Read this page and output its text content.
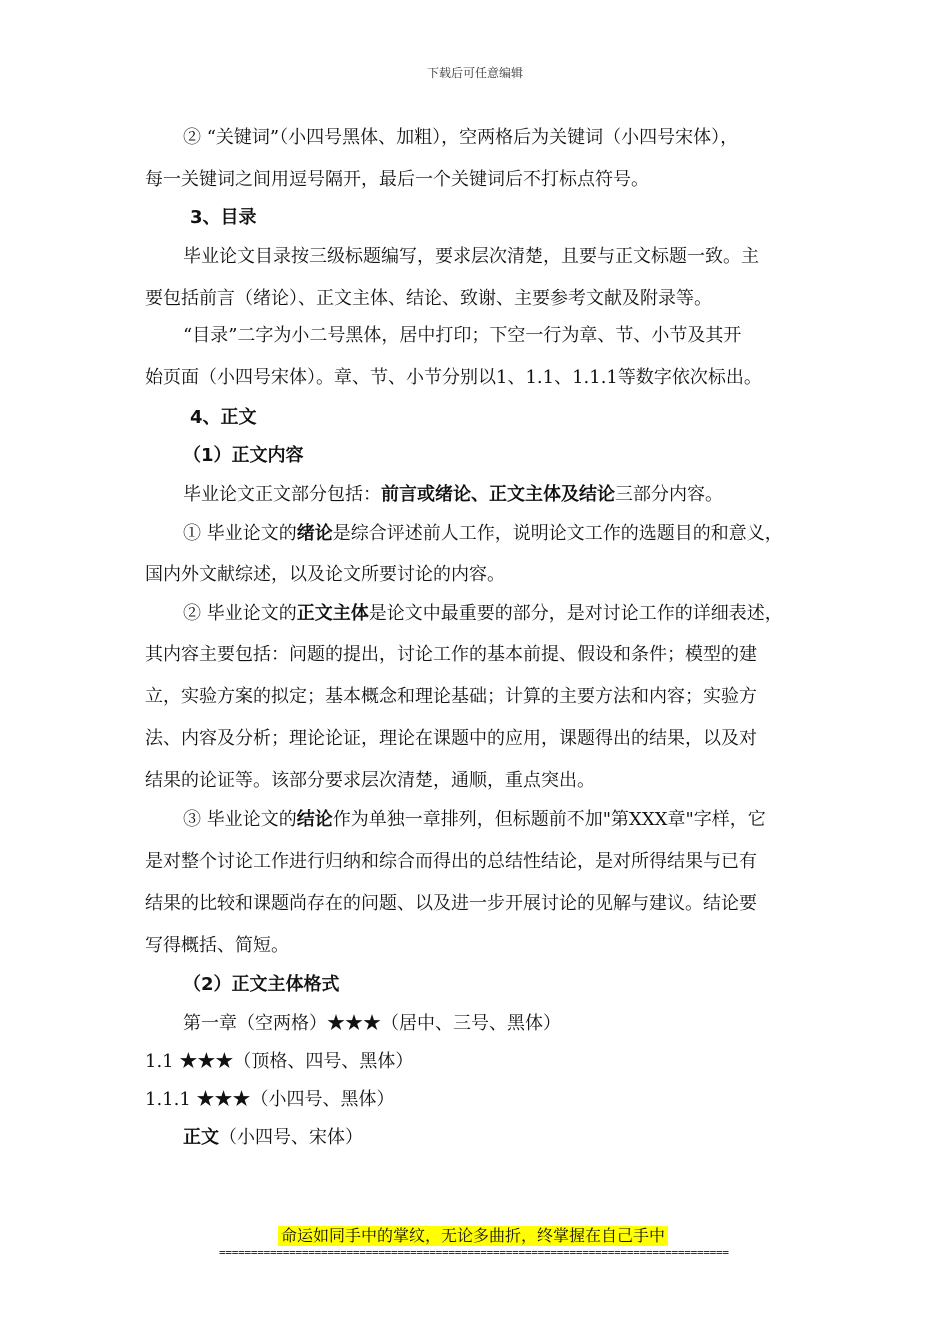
下载后可任意编辑
② “关键词”（小四号黑体、加粗），空两格后为关键词（小四号宋体），
每一关键词之间用逗号隔开，最后一个关键词后不打标点符号。
3、目录
毕业论文目录按三级标题编写，要求层次清楚，且要与正文标题一致。主
要包括前言（绪论）、正文主体、结论、致谢、主要参考文献及附录等。
“目录”二字为小二号黑体，居中打印；下空一行为章、节、小节及其开
始页面（小四号宋体）。章、节、小节分别以1、1.1、1.1.1等数字依次标出。
4、正文
（1）正文内容
毕业论文正文部分包括：前言或绪论、正文主体及结论三部分内容。
① 毕业论文的绪论是综合评述前人工作，说明论文工作的选题目的和意义，
国内外文献综述，以及论文所要讨论的内容。
② 毕业论文的正文主体是论文中最重要的部分，是对讨论工作的详细表述，
其内容主要包括：问题的提出，讨论工作的基本前提、假设和条件；模型的建
立，实验方案的拟定；基本概念和理论基础；计算的主要方法和内容；实验方
法、内容及分析；理论论证，理论在课题中的应用，课题得出的结果，以及对
结果的论证等。该部分要求层次清楚，通顺，重点突出。
③ 毕业论文的结论作为单独一章排列，但标题前不加"第XXX章"字样，它
是对整个讨论工作进行归纳和综合而得出的总结性结论，是对所得结果与已有
结果的比较和课题尚存在的问题、以及进一步开展讨论的见解与建议。结论要
写得概括、简短。
（2）正文主体格式
第一章（空两格）★★★（居中、三号、黑体）
1.1 ★★★（顶格、四号、黑体）
1.1.1 ★★★（小四号、黑体）
正文（小四号、宋体）
命运如同手中的掌纹，无论多曲折，终掌握在自己手中
================================================================================
